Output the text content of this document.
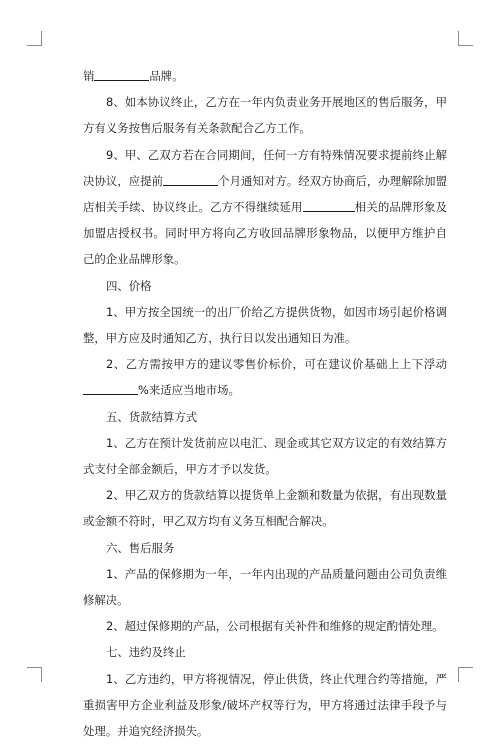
销	品牌。

8、如本协议终止，乙方在一年内负责业务开展地区的售后服务，甲方有义务按售后服务有关条款配合乙方工作。

9、甲、乙双方若在合同期间，任何一方有特殊情况要求提前终止解决协议，应提前	个月通知对方。经双方协商后，办理解除加盟店相关手续、协议终止。乙方不得继续延用	相关的品牌形象及加盟店授权书。同时甲方将向乙方收回品牌形象物品，以便甲方维护自己的企业品牌形象。

四、价格

1、甲方按全国统一的出厂价给乙方提供货物，如因市场引起价格调整，甲方应及时通知乙方，执行日以发出通知日为准。

2、乙方需按甲方的建议零售价标价，可在建议价基础上上下浮动%来适应当地市场。

五、货款结算方式

1、乙方在预计发货前应以电汇、现金或其它双方议定的有效结算方式支付全部金额后，甲方才予以发货。

2、甲乙双方的货款结算以提货单上金额和数量为依据，有出现数量或金额不符时，甲乙双方均有义务互相配合解决。

六、售后服务

1、产品的保修期为一年，一年内出现的产品质量问题由公司负责维修解决。

2、超过保修期的产品，公司根据有关补件和维修的规定酌情处理。

七、违约及终止

1、乙方违约，甲方将视情况，停止供货，终止代理合约等措施，严重损害甲方企业利益及形象/破坏产权等行为，甲方将通过法律手段予与处理。并追究经济损失。
